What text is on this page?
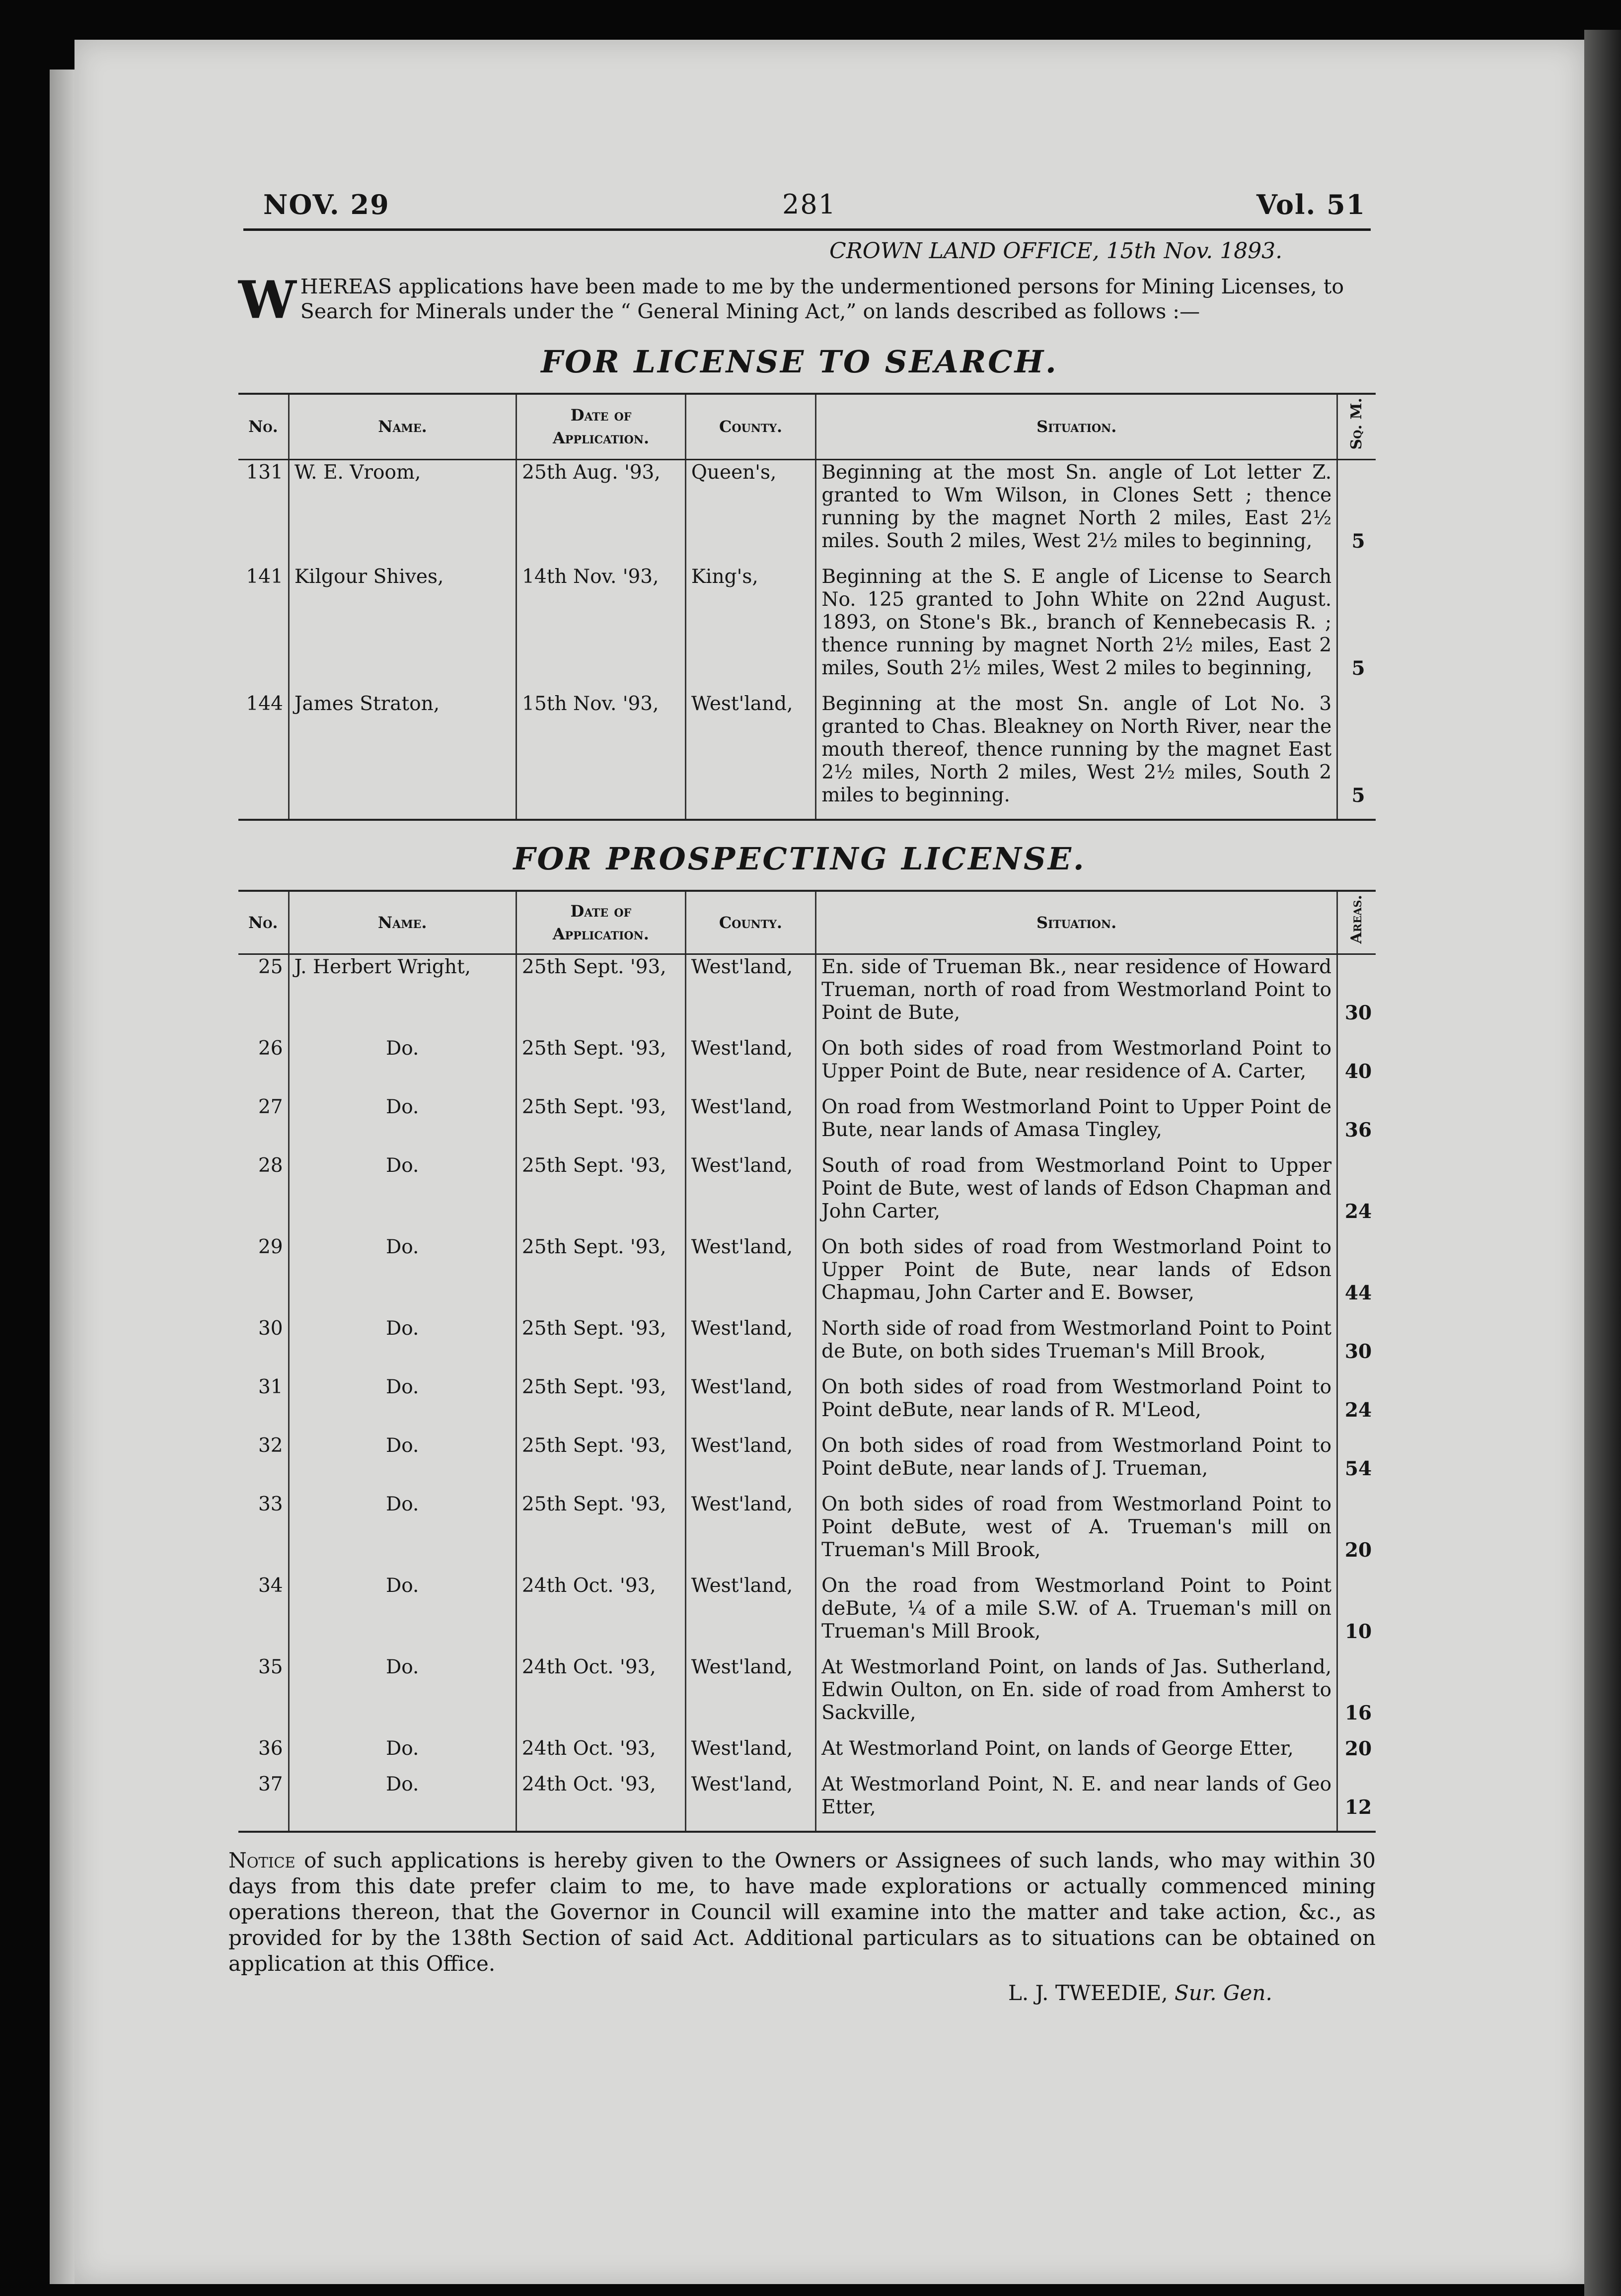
NOV. 29	281	Vol. 51
CROWN LAND OFFICE, 15th Nov. 1893.
W HEREAS applications have been made to me by the undermentioned persons for Mining Licenses, to Search for Minerals under the “ General Mining Act,” on lands described as follows :—
FOR LICENSE TO SEARCH.
No.	Name.	Date of Application.	County.	Situation.	Sq. M.
131	W. E. Vroom,	25th Aug. '93,	Queen's,	Beginning at the most Sn. angle of Lot letter Z. granted to Wm Wilson, in Clones Sett ; thence running by the magnet North 2 miles, East 2½ miles. South 2 miles, West 2½ miles to beginning,	5
141	Kilgour Shives,	14th Nov. '93,	King's,	Beginning at the S. E angle of License to Search No. 125 granted to John White on 22nd August. 1893, on Stone's Bk., branch of Kennebecasis R. ; thence running by magnet North 2½ miles, East 2 miles, South 2½ miles, West 2 miles to beginning,	5
144	James Straton,	15th Nov. '93,	West'land,	Beginning at the most Sn. angle of Lot No. 3 granted to Chas. Bleakney on North River, near the mouth thereof, thence running by the magnet East 2½ miles, North 2 miles, West 2½ miles, South 2 miles to beginning.	5
FOR PROSPECTING LICENSE.
No.	Name.	Date of Application.	County.	Situation.	Areas.
25	J. Herbert Wright,	25th Sept. '93,	West'land,	En. side of Trueman Bk., near residence of Howard Trueman, north of road from Westmorland Point to Point de Bute,	30
26	Do.	25th Sept. '93,	West'land,	On both sides of road from Westmorland Point to Upper Point de Bute, near residence of A. Carter,	40
27	Do.	25th Sept. '93,	West'land,	On road from Westmorland Point to Upper Point de Bute, near lands of Amasa Tingley,	36
28	Do.	25th Sept. '93,	West'land,	South of road from Westmorland Point to Upper Point de Bute, west of lands of Edson Chapman and John Carter,	24
29	Do.	25th Sept. '93,	West'land,	On both sides of road from Westmorland Point to Upper Point de Bute, near lands of Edson Chapmau, John Carter and E. Bowser,	44
30	Do.	25th Sept. '93,	West'land,	North side of road from Westmorland Point to Point de Bute, on both sides Trueman's Mill Brook,	30
31	Do.	25th Sept. '93,	West'land,	On both sides of road from Westmorland Point to Point deBute, near lands of R. M'Leod,	24
32	Do.	25th Sept. '93,	West'land,	On both sides of road from Westmorland Point to Point deBute, near lands of J. Trueman,	54
33	Do.	25th Sept. '93,	West'land,	On both sides of road from Westmorland Point to Point deBute, west of A. Trueman's mill on Trueman's Mill Brook,	20
34	Do.	24th Oct. '93,	West'land,	On the road from Westmorland Point to Point deBute, ¼ of a mile S.W. of A. Trueman's mill on Trueman's Mill Brook,	10
35	Do.	24th Oct. '93,	West'land,	At Westmorland Point, on lands of Jas. Sutherland, Edwin Oulton, on En. side of road from Amherst to Sackville,	16
36	Do.	24th Oct. '93,	West'land,	At Westmorland Point, on lands of George Etter,	20
37	Do.	24th Oct. '93,	West'land,	At Westmorland Point, N. E. and near lands of Geo Etter,	12
Notice of such applications is hereby given to the Owners or Assignees of such lands, who may within 30 days from this date prefer claim to me, to have made explorations or actually commenced mining operations thereon, that the Governor in Council will examine into the matter and take action, &c., as provided for by the 138th Section of said Act. Additional particulars as to situations can be obtained on application at this Office.
L. J. TWEEDIE, Sur. Gen.
